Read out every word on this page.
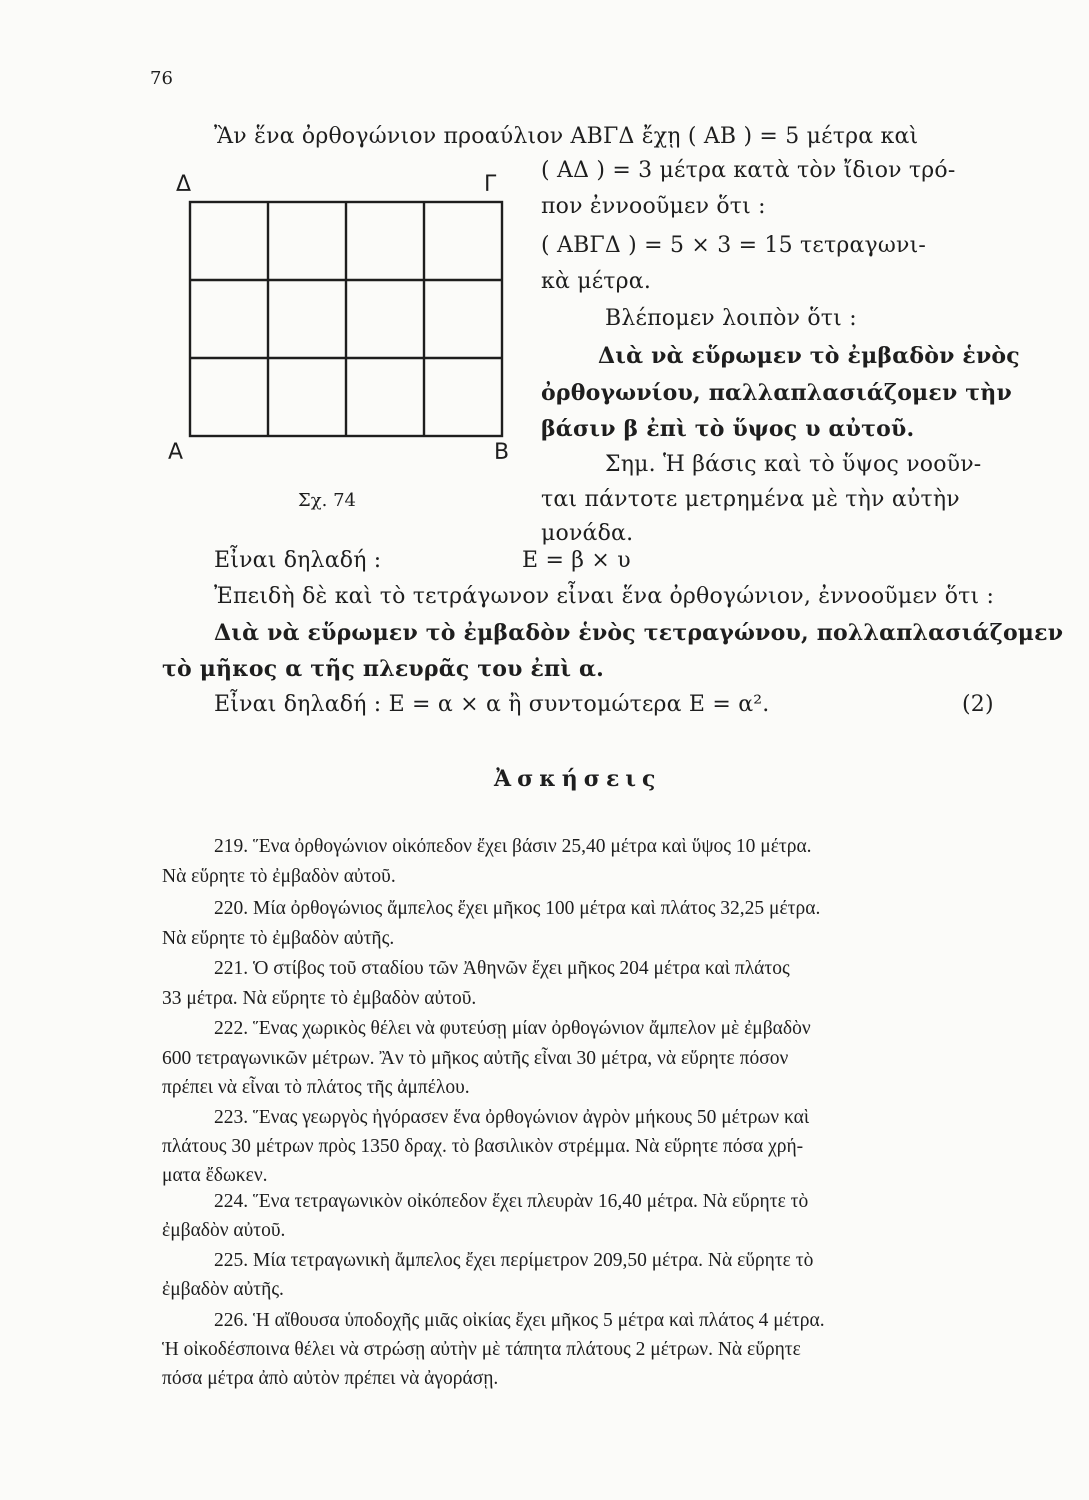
76
Ἂν ἕνα ὀρθογώνιον προαύλιον ΑΒΓΔ ἔχῃ ( ΑΒ ) = 5 μέτρα καὶ
( ΑΔ ) = 3 μέτρα κατὰ τὸν ἴδιον τρό-
πον ἐννοοῦμεν ὅτι :
( ΑΒΓΔ ) = 5 × 3 = 15 τετραγωνι-
κὰ μέτρα.
Βλέπομεν λοιπὸν ὅτι :
Διὰ νὰ εὕρωμεν τὸ ἐμβαδὸν ἑνὸς
ὀρθογωνίου, παλλαπλασιάζομεν τὴν
βάσιν β ἐπὶ τὸ ὕψος υ αὐτοῦ.
Σημ. Ἡ βάσις καὶ τὸ ὕψος νοοῦν-
ται πάντοτε μετρημένα μὲ τὴν αὐτὴν
μονάδα.
Δ	Γ
Α	Β
Σχ. 74
Εἶναι δηλαδή :	Ε = β × υ
Ἐπειδὴ δὲ καὶ τὸ τετράγωνον εἶναι ἕνα ὀρθογώνιον, ἐννοοῦμεν ὅτι :
Διὰ νὰ εὕρωμεν τὸ ἐμβαδὸν ἑνὸς τετραγώνου, πολλαπλασιάζομεν
τὸ μῆκος α τῆς πλευρᾶς του ἐπὶ α.
Εἶναι δηλαδή : Ε = α × α ἢ συντομώτερα Ε = α².	(2)
Ἀσκήσεις
219. Ἕνα ὀρθογώνιον οἰκόπεδον ἔχει βάσιν 25,40 μέτρα καὶ ὕψος 10 μέτρα.
Νὰ εὕρητε τὸ ἐμβαδὸν αὐτοῦ.
220. Μία ὀρθογώνιος ἄμπελος ἔχει μῆκος 100 μέτρα καὶ πλάτος 32,25 μέτρα.
Νὰ εὕρητε τὸ ἐμβαδὸν αὐτῆς.
221. Ὁ στίβος τοῦ σταδίου τῶν Ἀθηνῶν ἔχει μῆκος 204 μέτρα καὶ πλάτος
33 μέτρα. Νὰ εὕρητε τὸ ἐμβαδὸν αὐτοῦ.
222. Ἕνας χωρικὸς θέλει νὰ φυτεύσῃ μίαν ὀρθογώνιον ἄμπελον μὲ ἐμβαδὸν
600 τετραγωνικῶν μέτρων. Ἂν τὸ μῆκος αὐτῆς εἶναι 30 μέτρα, νὰ εὕρητε πόσον
πρέπει νὰ εἶναι τὸ πλάτος τῆς ἀμπέλου.
223. Ἕνας γεωργὸς ἠγόρασεν ἕνα ὀρθογώνιον ἀγρὸν μήκους 50 μέτρων καὶ
πλάτους 30 μέτρων πρὸς 1350 δραχ. τὸ βασιλικὸν στρέμμα. Νὰ εὕρητε πόσα χρή-
ματα ἔδωκεν.
224. Ἕνα τετραγωνικὸν οἰκόπεδον ἔχει πλευρὰν 16,40 μέτρα. Νὰ εὕρητε τὸ
ἐμβαδὸν αὐτοῦ.
225. Μία τετραγωνικὴ ἄμπελος ἔχει περίμετρον 209,50 μέτρα. Νὰ εὕρητε τὸ
ἐμβαδὸν αὐτῆς.
226. Ἡ αἴθουσα ὑποδοχῆς μιᾶς οἰκίας ἔχει μῆκος 5 μέτρα καὶ πλάτος 4 μέτρα.
Ἡ οἰκοδέσποινα θέλει νὰ στρώσῃ αὐτὴν μὲ τάπητα πλάτους 2 μέτρων. Νὰ εὕρητε
πόσα μέτρα ἀπὸ αὐτὸν πρέπει νὰ ἀγοράσῃ.
